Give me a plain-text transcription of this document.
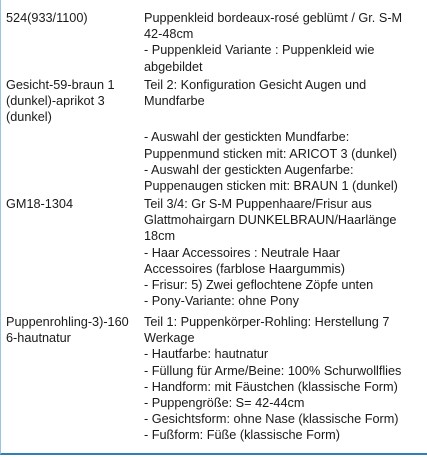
524(933/1100)	Puppenkleid bordeaux-rosé geblümt / Gr. S-M
42-48cm
- Puppenkleid Variante : Puppenkleid wie
abgebildet
Gesicht-59-braun 1
(dunkel)-aprikot 3
(dunkel)
Teil 2: Konfiguration Gesicht Augen und
Mundfarbe
- Auswahl der gestickten Mundfarbe:
Puppenmund sticken mit: ARICOT 3 (dunkel)
- Auswahl der gestickten Augenfarbe:
Puppenaugen sticken mit: BRAUN 1 (dunkel)
GM18-1304	Teil 3/4: Gr S-M Puppenhaare/Frisur aus
Glattmohairgarn DUNKELBRAUN/Haarlänge
18cm
- Haar Accessoires : Neutrale Haar
Accessoires (farblose Haargummis)
- Frisur: 5) Zwei geflochtene Zöpfe unten
- Pony-Variante: ohne Pony
Puppenrohling-3)-160
6-hautnatur
Teil 1: Puppenkörper-Rohling: Herstellung 7
Werkage
- Hautfarbe: hautnatur
- Füllung für Arme/Beine: 100% Schurwollflies
- Handform: mit Fäustchen (klassische Form)
- Puppengröße: S= 42-44cm
- Gesichtsform: ohne Nase (klassische Form)
- Fußform: Füße (klassische Form)
